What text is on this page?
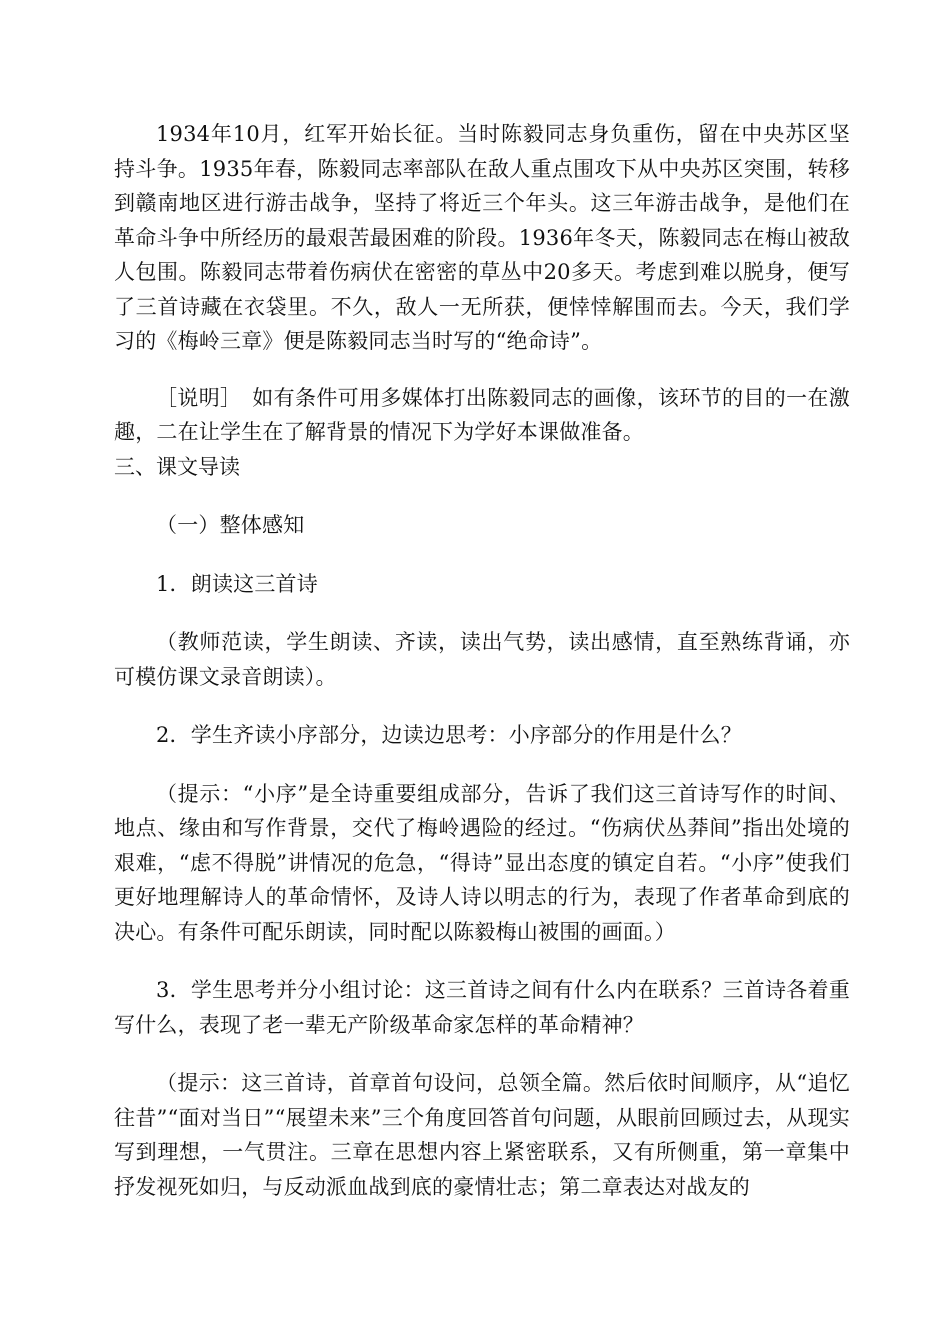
1934年10月，红军开始长征。当时陈毅同志身负重伤，留在中央苏区坚持斗争。1935年春，陈毅同志率部队在敌人重点围攻下从中央苏区突围，转移到赣南地区进行游击战争，坚持了将近三个年头。这三年游击战争，是他们在革命斗争中所经历的最艰苦最困难的阶段。1936年冬天，陈毅同志在梅山被敌人包围。陈毅同志带着伤病伏在密密的草丛中20多天。考虑到难以脱身，便写了三首诗藏在衣袋里。不久，敌人一无所获，便悻悻解围而去。今天，我们学习的《梅岭三章》便是陈毅同志当时写的“绝命诗”。

［说明］　如有条件可用多媒体打出陈毅同志的画像，该环节的目的一在激趣，二在让学生在了解背景的情况下为学好本课做准备。

三、课文导读

（一）整体感知

1．朗读这三首诗

（教师范读，学生朗读、齐读，读出气势，读出感情，直至熟练背诵，亦可模仿课文录音朗读）。

2．学生齐读小序部分，边读边思考：小序部分的作用是什么？

（提示：“小序”是全诗重要组成部分，告诉了我们这三首诗写作的时间、地点、缘由和写作背景，交代了梅岭遇险的经过。“伤病伏丛莽间”指出处境的艰难，“虑不得脱”讲情况的危急，“得诗”显出态度的镇定自若。“小序”使我们更好地理解诗人的革命情怀，及诗人诗以明志的行为，表现了作者革命到底的决心。有条件可配乐朗读，同时配以陈毅梅山被围的画面。）

3．学生思考并分小组讨论：这三首诗之间有什么内在联系？三首诗各着重写什么，表现了老一辈无产阶级革命家怎样的革命精神？

（提示：这三首诗，首章首句设问，总领全篇。然后依时间顺序，从“追忆往昔”“面对当日”“展望未来”三个角度回答首句问题，从眼前回顾过去，从现实写到理想，一气贯注。三章在思想内容上紧密联系，又有所侧重，第一章集中抒发视死如归，与反动派血战到底的豪情壮志；第二章表达对战友的
